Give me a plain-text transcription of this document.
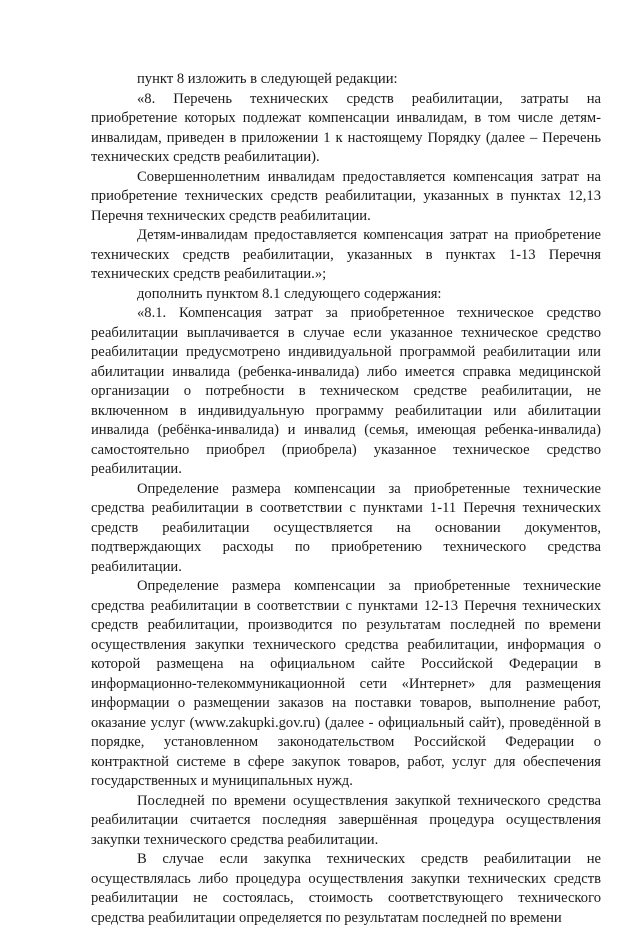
пункт 8 изложить в следующей редакции:

«8. Перечень технических средств реабилитации, затраты на приобретение которых подлежат компенсации инвалидам, в том числе детям-инвалидам, приведен в приложении 1 к настоящему Порядку (далее – Перечень технических средств реабилитации).

Совершеннолетним инвалидам предоставляется компенсация затрат на приобретение технических средств реабилитации, указанных в пунктах 12,13 Перечня технических средств реабилитации.

Детям-инвалидам предоставляется компенсация затрат на приобретение технических средств реабилитации, указанных в пунктах 1-13 Перечня технических средств реабилитации.»;

дополнить пунктом 8.1 следующего содержания:

«8.1. Компенсация затрат за приобретенное техническое средство реабилитации выплачивается в случае если указанное техническое средство реабилитации предусмотрено индивидуальной программой реабилитации или абилитации инвалида (ребенка-инвалида) либо имеется справка медицинской организации о потребности в техническом средстве реабилитации, не включенном в индивидуальную программу реабилитации или абилитации инвалида (ребёнка-инвалида) и инвалид (семья, имеющая ребенка-инвалида) самостоятельно приобрел (приобрела) указанное техническое средство реабилитации.

Определение размера компенсации за приобретенные технические средства реабилитации в соответствии с пунктами 1-11 Перечня технических средств реабилитации осуществляется на основании документов, подтверждающих расходы по приобретению технического средства реабилитации.

Определение размера компенсации за приобретенные технические средства реабилитации в соответствии с пунктами 12-13 Перечня технических средств реабилитации, производится по результатам последней по времени осуществления закупки технического средства реабилитации, информация о которой размещена на официальном сайте Российской Федерации в информационно-телекоммуникационной сети «Интернет» для размещения информации о размещении заказов на поставки товаров, выполнение работ, оказание услуг (www.zakupki.gov.ru) (далее - официальный сайт), проведённой в порядке, установленном законодательством Российской Федерации о контрактной системе в сфере закупок товаров, работ, услуг для обеспечения государственных и муниципальных нужд.

Последней по времени осуществления закупкой технического средства реабилитации считается последняя завершённая процедура осуществления закупки технического средства реабилитации.

В случае если закупка технических средств реабилитации не осуществлялась либо процедура осуществления закупки технических средств реабилитации не состоялась, стоимость соответствующего технического средства реабилитации определяется по результатам последней по времени
